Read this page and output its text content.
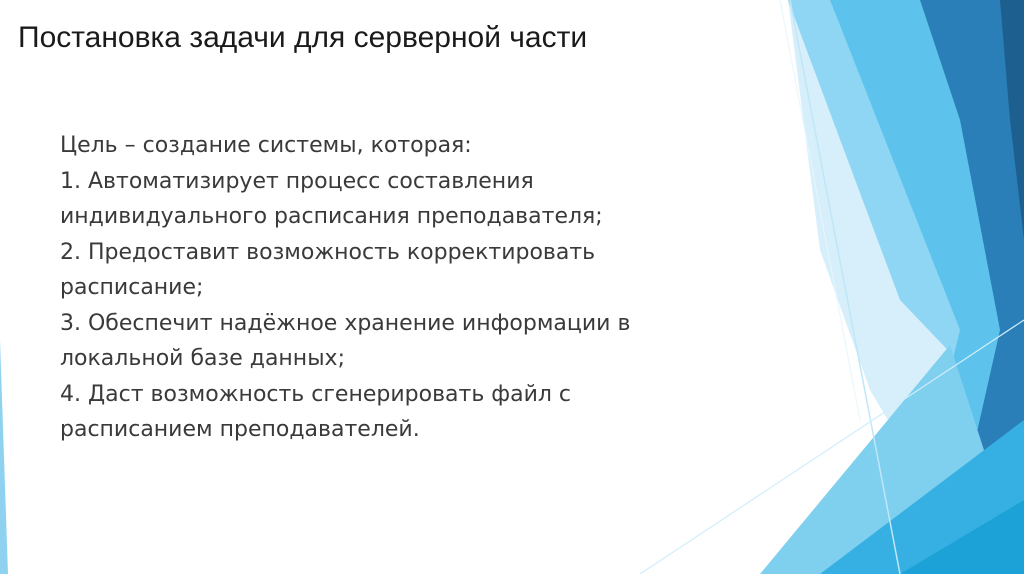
Постановка задачи для серверной части
Цель – создание системы, которая:
1. Автоматизирует процесс составления
индивидуального расписания преподавателя;
2. Предоставит возможность корректировать
расписание;
3. Обеспечит надёжное хранение информации в
локальной базе данных;
4. Даст возможность сгенерировать файл с
расписанием преподавателей.
